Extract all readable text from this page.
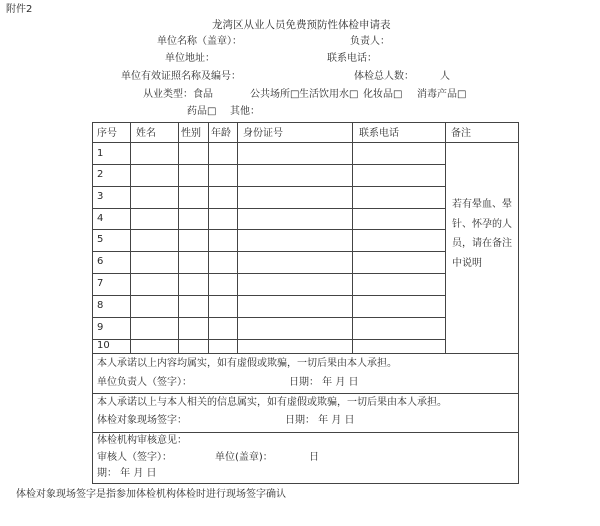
附件2
龙湾区从业人员免费预防性体检申请表
单位名称（盖章）：	负责人：
单位地址：	联系电话：
单位有效证照名称及编号：	体检总人数：	人
从业类型：食品	公共场所□ 生活饮用水□ 化妆品□ 消毒产品□
药品□ 其他：
序号 姓名	性别 年龄 身份证号	联系电话	备注
1
2
3
4
5
6
7
8
9
10
若有晕血、晕针、怀孕的人员，请在备注中说明
本人承诺以上内容均属实，如有虚假或欺骗，一切后果由本人承担。
单位负责人（签字）：	日期： 年 月 日
本人承诺以上与本人相关的信息属实，如有虚假或欺骗，一切后果由本人承担。
体检对象现场签字：	日期： 年 月 日
体检机构审核意见：
审核人（签字）：	单位(盖章)：	日
期： 年 月 日
体检对象现场签字是指参加体检机构体检时进行现场签字确认
